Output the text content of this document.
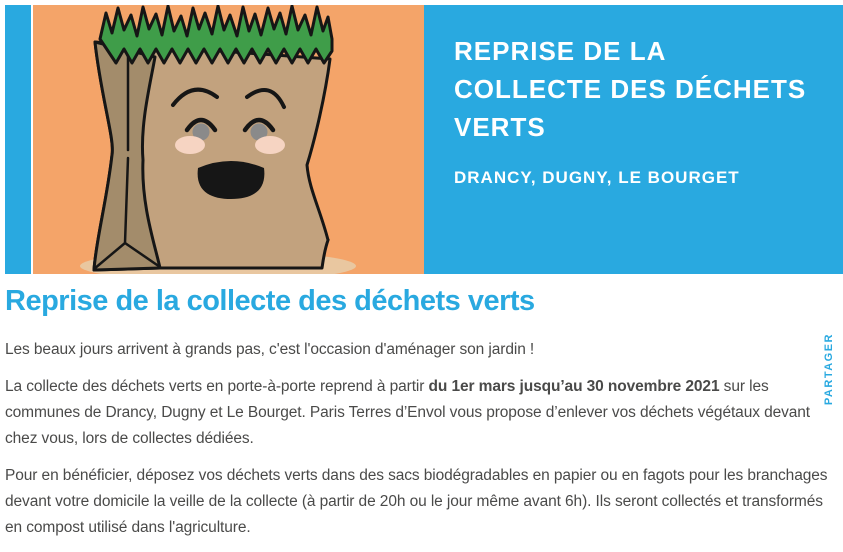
REPRISE DE LA COLLECTE DES DÉCHETS VERTS
DRANCY, DUGNY, LE BOURGET
Reprise de la collecte des déchets verts

Les beaux jours arrivent à grands pas, c'est l'occasion d'aménager son jardin !

La collecte des déchets verts en porte-à-porte reprend à partir du 1er mars jusqu’au 30 novembre 2021 sur les communes de Drancy, Dugny et Le Bourget. Paris Terres d’Envol vous propose d’enlever vos déchets végétaux devant chez vous, lors de collectes dédiées.

Pour en bénéficier, déposez vos déchets verts dans des sacs biodégradables en papier ou en fagots pour les branchages devant votre domicile la veille de la collecte (à partir de 20h ou le jour même avant 6h). Ils seront collectés et transformés en compost utilisé dans l'agriculture.

PARTAGER
